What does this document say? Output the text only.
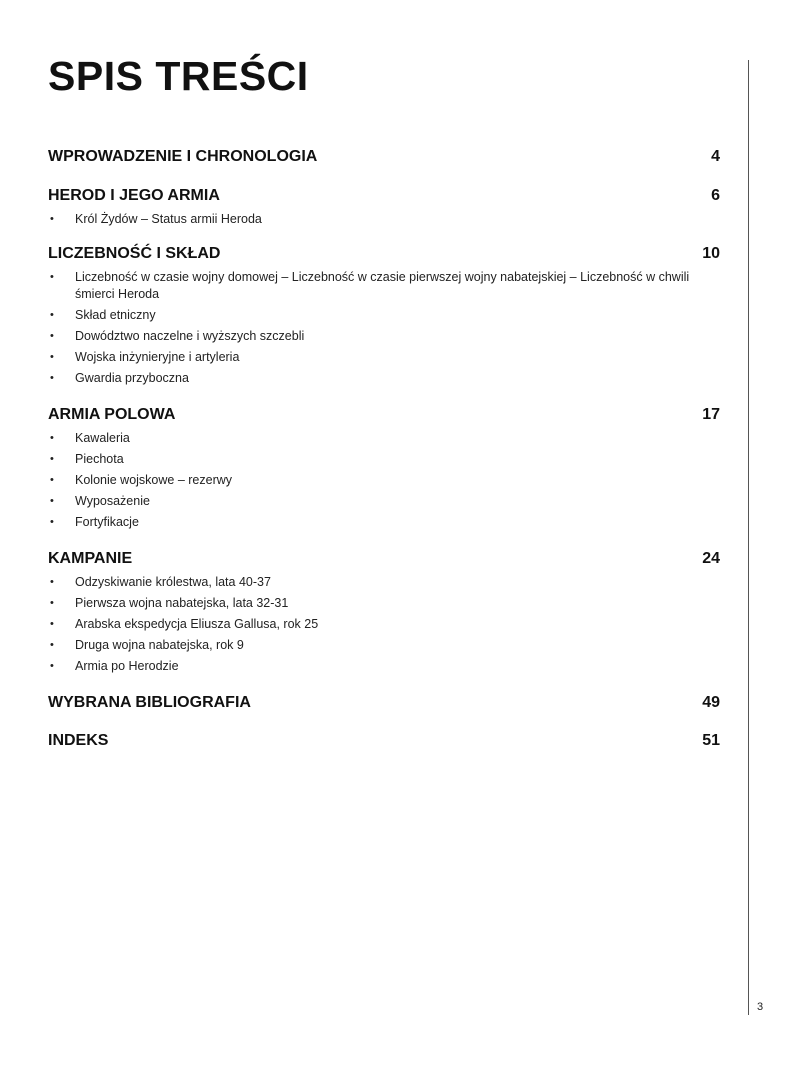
SPIS TREŚCI
WPROWADZENIE I CHRONOLOGIA	4
HEROD I JEGO ARMIA	6
• Król Żydów – Status armii Heroda
LICZEBNOŚĆ I SKŁAD	10
• Liczebność w czasie wojny domowej – Liczebność w czasie pierwszej wojny nabatejskiej – Liczebność w chwili śmierci Heroda
• Skład etniczny
• Dowództwo naczelne i wyższych szczebli
• Wojska inżynieryjne i artyleria
• Gwardia przyboczna
ARMIA POLOWA	17
• Kawaleria
• Piechota
• Kolonie wojskowe – rezerwy
• Wyposażenie
• Fortyfikacje
KAMPANIE	24
• Odzyskiwanie królestwa, lata 40-37
• Pierwsza wojna nabatejska, lata 32-31
• Arabska ekspedycja Eliusza Gallusa, rok 25
• Druga wojna nabatejska, rok 9
• Armia po Herodzie
WYBRANA BIBLIOGRAFIA	49
INDEKS	51
3
